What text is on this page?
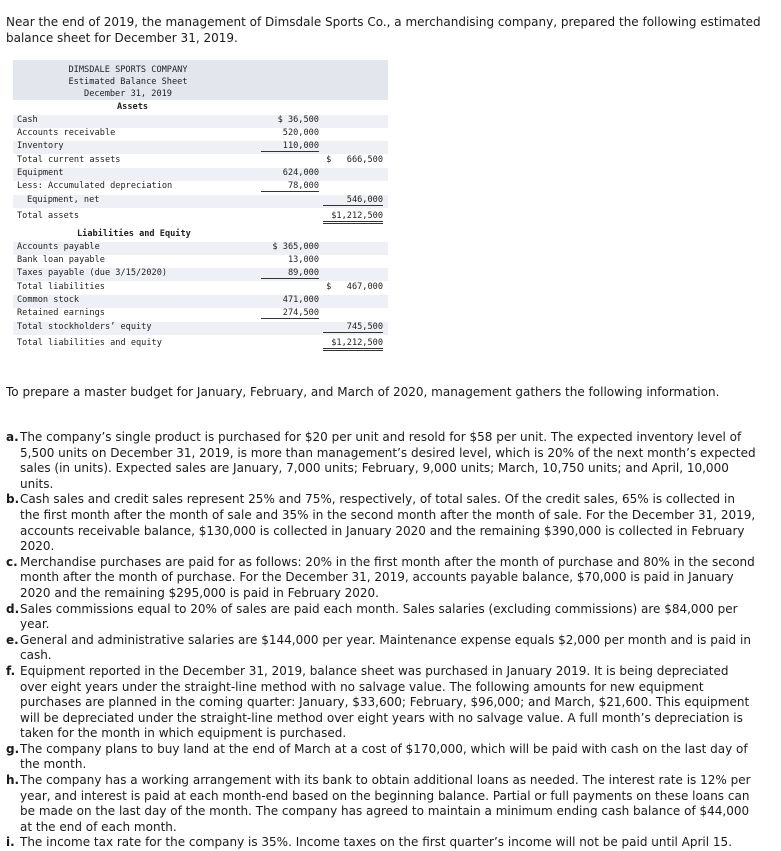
Near the end of 2019, the management of Dimsdale Sports Co., a merchandising company, prepared the following estimated balance sheet for December 31, 2019.
DIMSDALE SPORTS COMPANY
Estimated Balance Sheet
December 31, 2019
Assets
Cash	$ 36,500
Accounts receivable	520,000
Inventory	110,000
Total current assets	$   666,500
Equipment	624,000
Less: Accumulated depreciation	78,000
Equipment, net	546,000
Total assets	$1,212,500
Liabilities and Equity
Accounts payable	$ 365,000
Bank loan payable	13,000
Taxes payable (due 3/15/2020)	89,000
Total liabilities	$   467,000
Common stock	471,000
Retained earnings	274,500
Total stockholders’ equity	745,500
Total liabilities and equity	$1,212,500
To prepare a master budget for January, February, and March of 2020, management gathers the following information.
a. The company’s single product is purchased for $20 per unit and resold for $58 per unit. The expected inventory level of 5,500 units on December 31, 2019, is more than management’s desired level, which is 20% of the next month’s expected sales (in units). Expected sales are January, 7,000 units; February, 9,000 units; March, 10,750 units; and April, 10,000 units.
b. Cash sales and credit sales represent 25% and 75%, respectively, of total sales. Of the credit sales, 65% is collected in the first month after the month of sale and 35% in the second month after the month of sale. For the December 31, 2019, accounts receivable balance, $130,000 is collected in January 2020 and the remaining $390,000 is collected in February 2020.
c. Merchandise purchases are paid for as follows: 20% in the first month after the month of purchase and 80% in the second month after the month of purchase. For the December 31, 2019, accounts payable balance, $70,000 is paid in January 2020 and the remaining $295,000 is paid in February 2020.
d. Sales commissions equal to 20% of sales are paid each month. Sales salaries (excluding commissions) are $84,000 per year.
e. General and administrative salaries are $144,000 per year. Maintenance expense equals $2,000 per month and is paid in cash.
f. Equipment reported in the December 31, 2019, balance sheet was purchased in January 2019. It is being depreciated over eight years under the straight-line method with no salvage value. The following amounts for new equipment purchases are planned in the coming quarter: January, $33,600; February, $96,000; and March, $21,600. This equipment will be depreciated under the straight-line method over eight years with no salvage value. A full month’s depreciation is taken for the month in which equipment is purchased.
g. The company plans to buy land at the end of March at a cost of $170,000, which will be paid with cash on the last day of the month.
h. The company has a working arrangement with its bank to obtain additional loans as needed. The interest rate is 12% per year, and interest is paid at each month-end based on the beginning balance. Partial or full payments on these loans can be made on the last day of the month. The company has agreed to maintain a minimum ending cash balance of $44,000 at the end of each month.
i. The income tax rate for the company is 35%. Income taxes on the first quarter’s income will not be paid until April 15.
